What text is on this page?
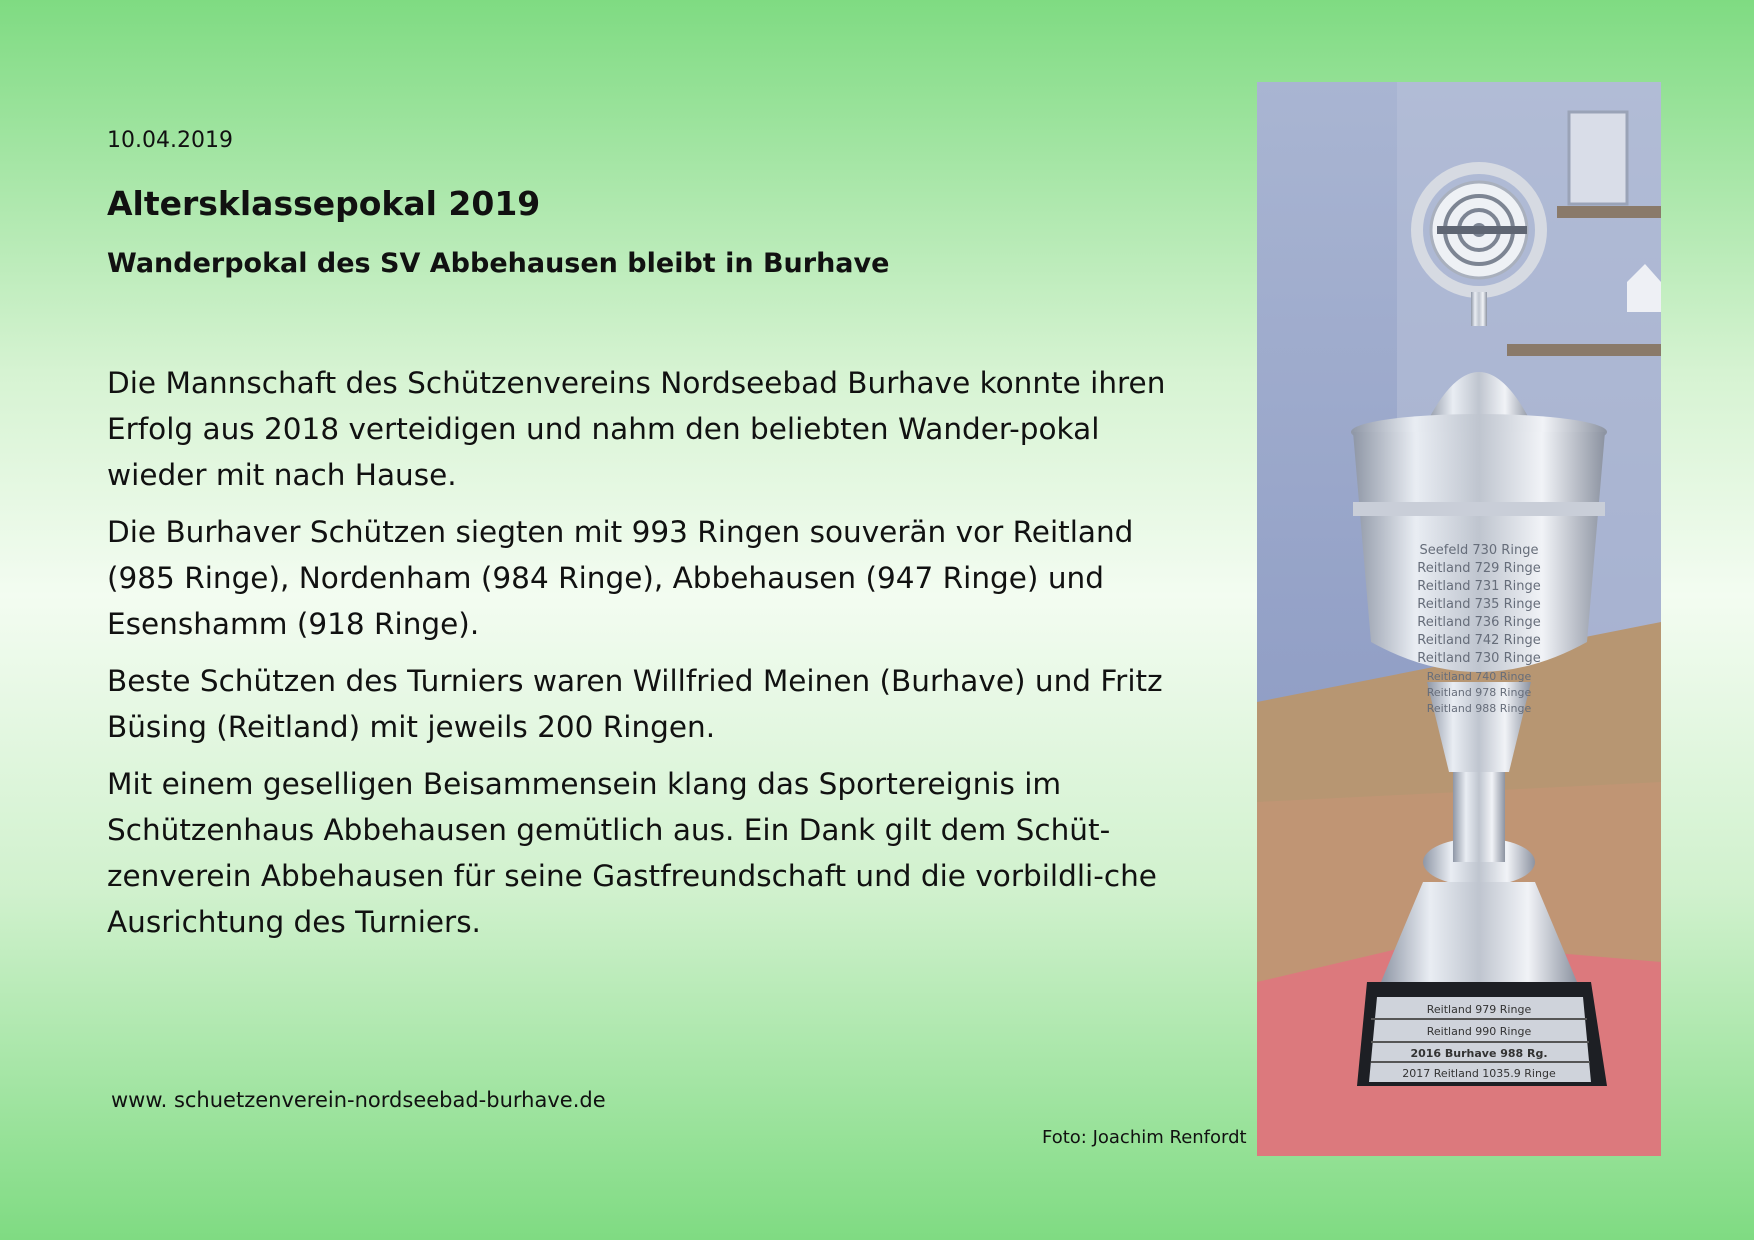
10.04.2019
Altersklassepokal 2019
Wanderpokal des SV Abbehausen bleibt in Burhave

Die Mannschaft des Schützenvereins Nordseebad Burhave konnte ihren Erfolg aus 2018 verteidigen und nahm den beliebten Wander-pokal wieder mit nach Hause.

Die Burhaver Schützen siegten mit 993 Ringen souverän vor Reitland (985 Ringe), Nordenham (984 Ringe), Abbehausen (947 Ringe) und Esenshamm (918 Ringe).

Beste Schützen des Turniers waren Willfried Meinen (Burhave) und Fritz Büsing (Reitland) mit jeweils 200 Ringen.

Mit einem geselligen Beisammensein klang das Sportereignis im Schützenhaus Abbehausen gemütlich aus. Ein Dank gilt dem Schüt-zenverein Abbehausen für seine Gastfreundschaft und die vorbildli-che Ausrichtung des Turniers.

www. schuetzenverein-nordseebad-burhave.de
Foto: Joachim Renfordt
Seefeld 730 Ringe
Reitland 729 Ringe
Reitland 731 Ringe
Reitland 735 Ringe
Reitland 736 Ringe
Reitland 742 Ringe
Reitland 730 Ringe
Reitland 740 Ringe
Reitland 978 Ringe
Reitland 988 Ringe
Reitland 979 Ringe
Reitland 990 Ringe
2016 Burhave 988 Rg.
2017 Reitland 1035.9 Ringe
